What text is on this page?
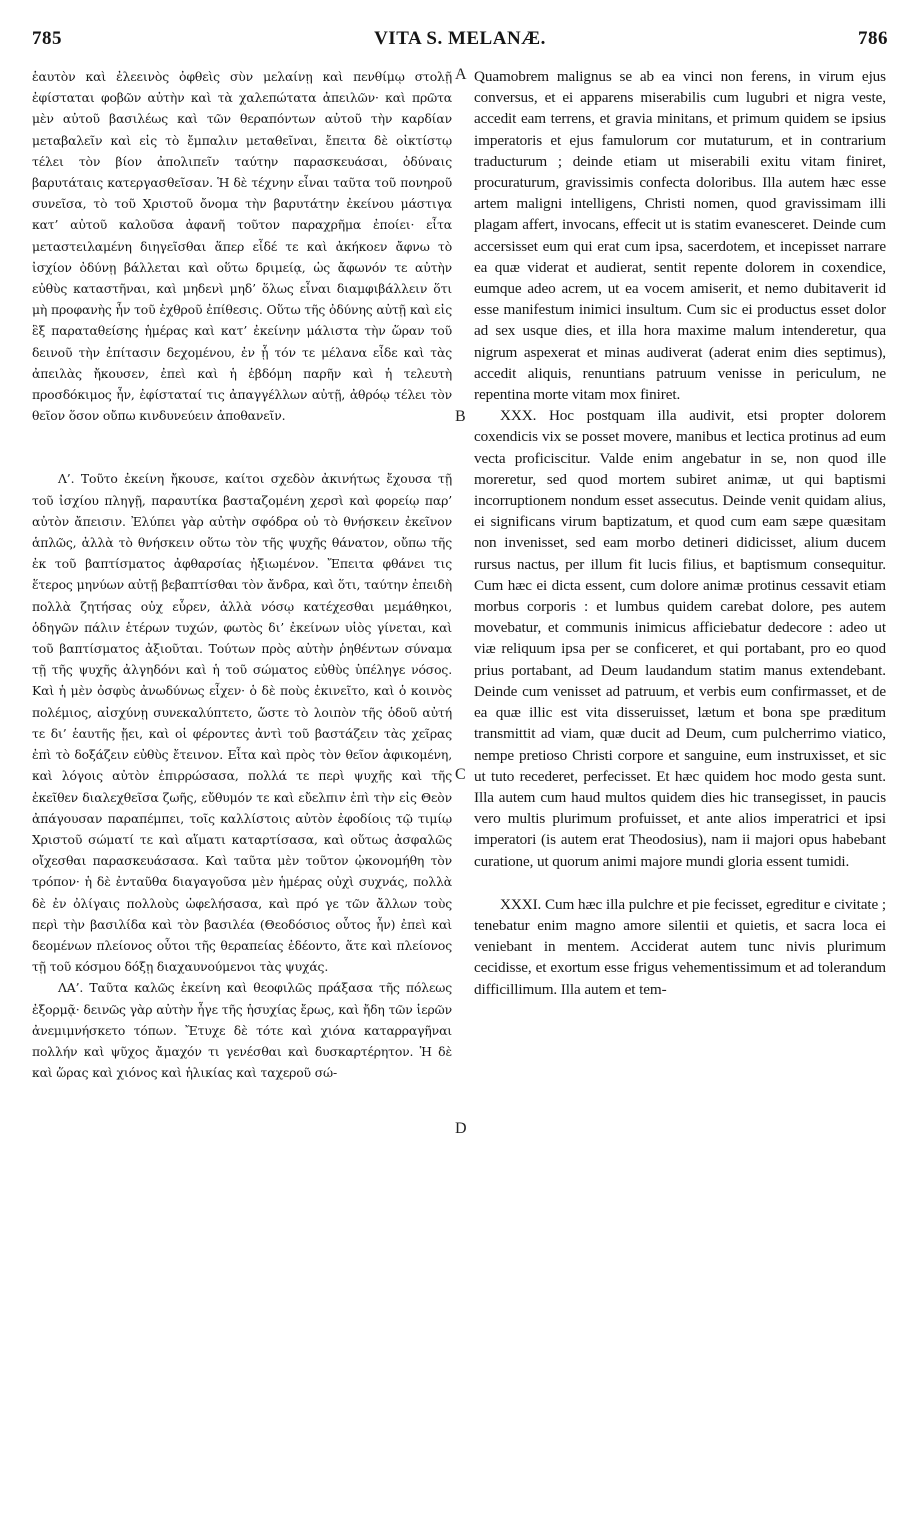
785	VITA S. MELANÆ.	786

ἑαυτὸν καὶ ἐλεεινὸς ὀφθεὶς σὺν μελαίνῃ καὶ πενθίμῳ στολῇ ἐφίσταται φοβῶν αὐτὴν καὶ τὰ χαλεπώτατα ἀπειλῶν· καὶ πρῶτα μὲν αὐτοῦ βασιλέως καὶ τῶν θεραπόντων αὐτοῦ τὴν καρδίαν μεταβαλεῖν καὶ εἰς τὸ ἔμπαλιν μεταθεῖναι, ἔπειτα δὲ οἰκτίστῳ τέλει τὸν βίον ἀπολιπεῖν ταύτην παρασκευάσαι, ὀδύναις βαρυτάταις κατεργασθεῖσαν. Ἡ δὲ τέχνην εἶναι ταῦτα τοῦ πονηροῦ συνεῖσα, τὸ τοῦ Χριστοῦ ὄνομα τὴν βαρυτάτην ἐκείνου μάστιγα κατ’ αὐτοῦ καλοῦσα ἀφανῆ τοῦτον παραχρῆμα ἐποίει· εἶτα μεταστειλαμένη διηγεῖσθαι ἅπερ εἶδέ τε καὶ ἀκήκοεν ἄφνω τὸ ἰσχίον ὀδύνῃ βάλλεται καὶ οὕτω δριμείᾳ, ὡς ἄφωνόν τε αὐτὴν εὐθὺς καταστῆναι, καὶ μηδενὶ μηδ’ ὅλως εἶναι διαμφιβάλλειν ὅτι μὴ προφανὴς ἦν τοῦ ἐχθροῦ ἐπίθεσις. Οὕτω τῆς ὀδύνης αὐτῇ καὶ εἰς ἓξ παραταθείσης ἡμέρας καὶ κατ’ ἐκείνην μάλιστα τὴν ὥραν τοῦ δεινοῦ τὴν ἐπίτασιν δεχομένου, ἐν ᾗ τόν τε μέλανα εἶδε καὶ τὰς ἀπειλὰς ἤκουσεν, ἐπεὶ καὶ ἡ ἑβδόμη παρῆν καὶ ἡ τελευτὴ προσδόκιμος ἦν, ἐφίσταταί τις ἀπαγγέλλων αὐτῇ, ἀθρόῳ τέλει τὸν θεῖον ὅσον οὔπω κινδυνεύειν ἀποθανεῖν.

Λ’. Τοῦτο ἐκείνη ἤκουσε, καίτοι σχεδὸν ἀκινήτως ἔχουσα τῇ τοῦ ἰσχίου πληγῇ, παραυτίκα βασταζομένη χερσὶ καὶ φορείῳ παρ’ αὐτὸν ἄπεισιν. Ἐλύπει γὰρ αὐτὴν σφόδρα οὐ τὸ θνήσκειν ἐκεῖνον ἁπλῶς, ἀλλὰ τὸ θνήσκειν οὕτω τὸν τῆς ψυχῆς θάνατον, οὔπω τῆς ἐκ τοῦ βαπτίσματος ἀφθαρσίας ἠξιωμένον. Ἔπειτα φθάνει τις ἕτερος μηνύων αὐτῇ βεβαπτίσθαι τὸν ἄνδρα, καὶ ὅτι, ταύτην ἐπειδὴ πολλὰ ζητήσας οὐχ εὗρεν, ἀλλὰ νόσῳ κατέχεσθαι μεμάθηκοι, ὁδηγῶν πάλιν ἑτέρων τυχών, φωτὸς δι’ ἐκείνων υἱὸς γίνεται, καὶ τοῦ βαπτίσματος ἀξιοῦται. Τούτων πρὸς αὐτὴν ῥηθέντων σύναμα τῇ τῆς ψυχῆς ἀλγηδόνι καὶ ἡ τοῦ σώματος εὐθὺς ὑπέληγε νόσος. Καὶ ἡ μὲν ὀσφὺς ἀνωδύνως εἶχεν· ὁ δὲ ποὺς ἐκινεῖτο, καὶ ὁ κοινὸς πολέμιος, αἰσχύνῃ συνεκαλύπτετο, ὥστε τὸ λοιπὸν τῆς ὁδοῦ αὐτή τε δι’ ἑαυτῆς ᾔει, καὶ οἱ φέροντες ἀντὶ τοῦ βαστάζειν τὰς χεῖρας ἐπὶ τὸ δοξάζειν εὐθὺς ἔτεινον. Εἶτα καὶ πρὸς τὸν θεῖον ἀφικομένη, καὶ λόγοις αὐτὸν ἐπιρρώσασα, πολλά τε περὶ ψυχῆς καὶ τῆς ἐκεῖθεν διαλεχθεῖσα ζωῆς, εὔθυμόν τε καὶ εὔελπιν ἐπὶ τὴν εἰς Θεὸν ἀπάγουσαν παραπέμπει, τοῖς καλλίστοις αὐτὸν ἐφοδίοις τῷ τιμίῳ Χριστοῦ σώματί τε καὶ αἵματι καταρτίσασα, καὶ οὕτως ἀσφαλῶς οἴχεσθαι παρασκευάσασα. Καὶ ταῦτα μὲν τοῦτον ᾠκονομήθη τὸν τρόπον· ἡ δὲ ἐνταῦθα διαγαγοῦσα μὲν ἡμέρας οὐχὶ συχνάς, πολλὰ δὲ ἐν ὀλίγαις πολλοὺς ὠφελήσασα, καὶ πρό γε τῶν ἄλλων τοὺς περὶ τὴν βασιλίδα καὶ τὸν βασιλέα (Θεοδόσιος οὗτος ἦν) ἐπεὶ καὶ δεομένων πλείονος οὗτοι τῆς θεραπείας ἐδέοντο, ἅτε καὶ πλείονος τῇ τοῦ κόσμου δόξῃ διαχαυνούμενοι τὰς ψυχάς.

ΛΑ’. Ταῦτα καλῶς ἐκείνη καὶ θεοφιλῶς πράξασα τῆς πόλεως ἐξορμᾷ· δεινῶς γὰρ αὐτὴν ἦγε τῆς ἡσυχίας ἔρως, καὶ ἤδη τῶν ἱερῶν ἀνεμιμνήσκετο τόπων. Ἔτυχε δὲ τότε καὶ χιόνα καταρραγῆναι πολλήν καὶ ψῦχος ἄμαχόν τι γενέσθαι καὶ δυσκαρτέρητον. Ἡ δὲ καὶ ὥρας καὶ χιόνος καὶ ἡλικίας καὶ ταχεροῦ σώ-

Quamobrem malignus se ab ea vinci non ferens, in virum ejus conversus, et ei apparens miserabilis cum lugubri et nigra veste, accedit eam terrens, et gravia minitans, et primum quidem se ipsius imperatoris et ejus famulorum cor mutaturum, et in contrarium traducturum ; deinde etiam ut miserabili exitu vitam finiret, procuraturum, gravissimis confecta doloribus. Illa autem hæc esse artem maligni intelligens, Christi nomen, quod gravissimam illi plagam affert, invocans, effecit ut is statim evanesceret. Deinde cum accersisset eum qui erat cum ipsa, sacerdotem, et incepisset narrare ea quæ viderat et audierat, sentit repente dolorem in coxendice, eumque adeo acrem, ut ea vocem amiserit, et nemo dubitaverit id esse manifestum inimici insultum. Cum sic ei productus esset dolor ad sex usque dies, et illa hora maxime malum intenderetur, qua nigrum aspexerat et minas audiverat (aderat enim dies septimus), accedit aliquis, renuntians patruum venisse in periculum, ne repentina morte vitam mox finiret.

XXX. Hoc postquam illa audivit, etsi propter dolorem coxendicis vix se posset movere, manibus et lectica protinus ad eum vecta proficiscitur. Valde enim angebatur in se, non quod ille moreretur, sed quod mortem subiret animæ, ut qui baptismi incorruptionem nondum esset assecutus. Deinde venit quidam alius, ei significans virum baptizatum, et quod cum eam sæpe quæsitam non invenisset, sed eam morbo detineri didicisset, alium ducem rursus nactus, per illum fit lucis filius, et baptismum consequitur. Cum hæc ei dicta essent, cum dolore animæ protinus cessavit etiam morbus corporis : et lumbus quidem carebat dolore, pes autem movebatur, et communis inimicus afficiebatur dedecore : adeo ut viæ reliquum ipsa per se conficeret, et qui portabant, pro eo quod prius portabant, ad Deum laudandum statim manus extendebant. Deinde cum venisset ad patruum, et verbis eum confirmasset, et de ea quæ illic est vita disseruisset, lætum et bona spe præditum transmittit ad viam, quæ ducit ad Deum, cum pulcherrimo viatico, nempe pretioso Christi corpore et sanguine, eum instruxisset, et sic ut tuto recederet, perfecisset. Et hæc quidem hoc modo gesta sunt. Illa autem cum haud multos quidem dies hic transegisset, in paucis vero multis plurimum profuisset, et ante alios imperatrici et ipsi imperatori (is autem erat Theodosius), nam ii majori opus habebant curatione, ut quorum animi majore mundi gloria essent tumidi.

XXXI. Cum hæc illa pulchre et pie fecisset, egreditur e civitate ; tenebatur enim magno amore silentii et quietis, et sacra loca ei veniebant in mentem. Acciderat autem tunc nivis plurimum cecidisse, et exortum esse frigus vehementissimum et ad tolerandum difficillimum. Illa autem et tem-

A
B
C
D
